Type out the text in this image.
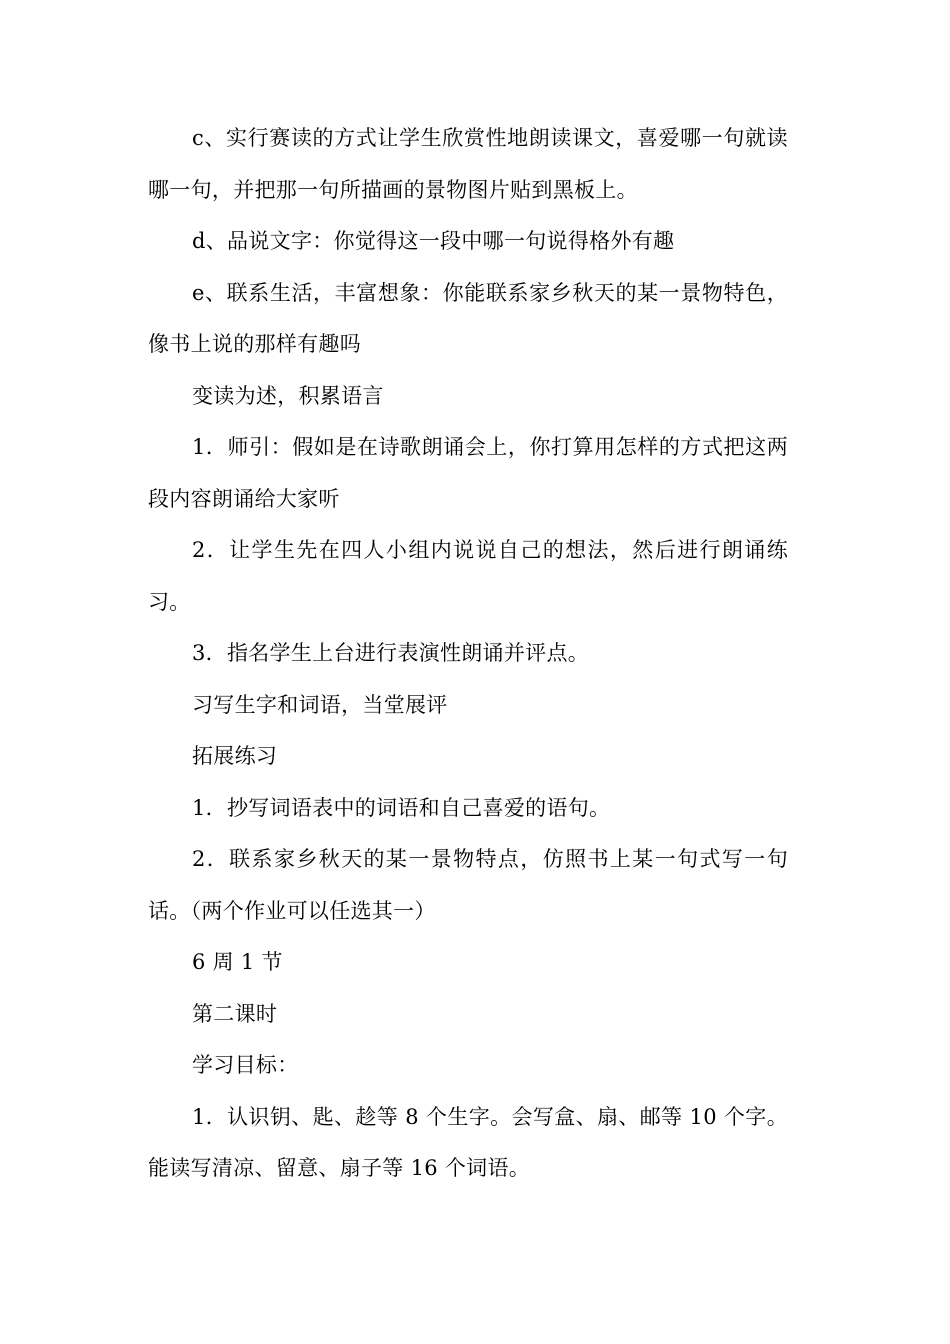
c、实行赛读的方式让学生欣赏性地朗读课文，喜爱哪一句就读哪一句，并把那一句所描画的景物图片贴到黑板上。

d、品说文字：你觉得这一段中哪一句说得格外有趣

e、联系生活，丰富想象：你能联系家乡秋天的某一景物特色，像书上说的那样有趣吗

变读为述，积累语言

1．师引：假如是在诗歌朗诵会上，你打算用怎样的方式把这两段内容朗诵给大家听

2．让学生先在四人小组内说说自己的想法，然后进行朗诵练习。

3．指名学生上台进行表演性朗诵并评点。

习写生字和词语，当堂展评

拓展练习

1．抄写词语表中的词语和自己喜爱的语句。

2．联系家乡秋天的某一景物特点，仿照书上某一句式写一句话。（两个作业可以任选其一）

6 周 1 节

第二课时

学习目标：

1．认识钥、匙、趁等 8 个生字。会写盒、扇、邮等 10 个字。能读写清凉、留意、扇子等 16 个词语。
